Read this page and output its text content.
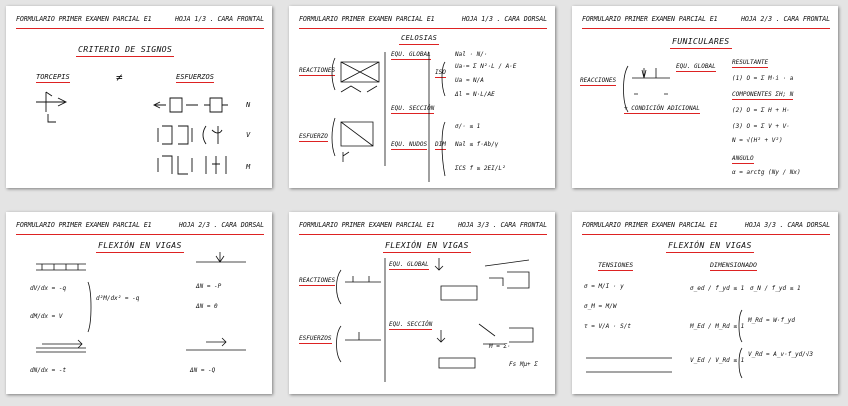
FORMULARIO PRIMER EXAMEN PARCIAL E1	HOJA 1/3 . CARA FRONTAL
CRITERIO DE SIGNOS
TORCEPIS	≠	ESFUERZOS
N
V
M
FORMULARIO PRIMER EXAMEN PARCIAL E1	HOJA 1/3 . CARA DORSAL
CELOSIAS
REACTIONES
ESFUERZO
EQU. GLOBAL
EQU. SECCIÓN
EQU. NUDOS
ISO
DIM
Nal · N/·
Ua·= Σ N²·L / A·E
Ua ≈ N/A
Δl = N·L/AE
σ/· ≤ 1
Nal ≤ f·Ab/γ
ΣCS f ≥ 2EI/L²
FORMULARIO PRIMER EXAMEN PARCIAL E1	HOJA 2/3 . CARA FRONTAL
FUNICULARES
REACCIONES
+ CONDICIÓN ADICIONAL
EQU. GLOBAL
RESULTANTE
(1) O = Σ M·i · a
COMPONENTES ΣH; N
(2) O = Σ H + H·
(3) O = Σ V + V·
N = √(H² + V²)
ANGULO
α = arctg (Ny / Nx)
FORMULARIO PRIMER EXAMEN PARCIAL E1	HOJA 2/3 . CARA DORSAL
FLEXIÓN EN VIGAS
dV/dx = -q
d²M/dx² = -q
dM/dx = V
ΔN = -P
ΔN = 0
dN/dx = -t	ΔN = -Q
FORMULARIO PRIMER EXAMEN PARCIAL E1	HOJA 3/3 . CARA FRONTAL
FLEXIÓN EN VIGAS
REACTIONES
ESFUERZOS
EQU. GLOBAL
EQU. SECCIÓN
M = Σ·
Fs Mμ+ Σ
FORMULARIO PRIMER EXAMEN PARCIAL E1	HOJA 3/3 . CARA DORSAL
FLEXIÓN EN VIGAS
TENSIONES	DIMENSIONADO
σ = M/I · y
σ_M = M/W
τ = V/A · S/t
σ_ed / f_yd ≤ 1 σ_N / f_yd ≤ 1
M_Ed / M_Rd ≤ 1
V_Ed / V_Rd ≤ 1
M_Rd = W·f_yd
V_Rd = A_v·f_yd/√3
